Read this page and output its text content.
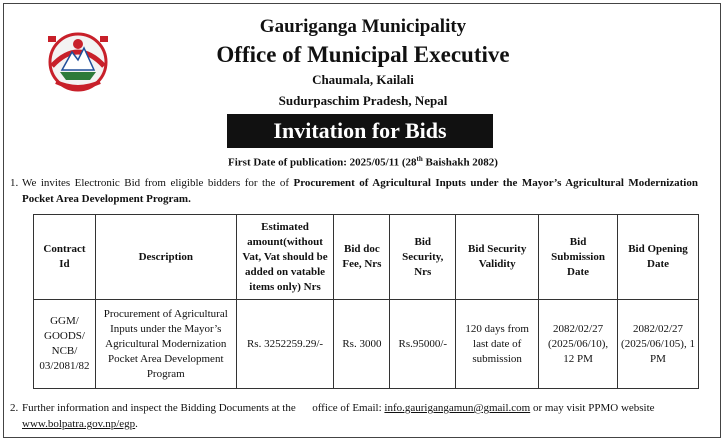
Gauriganga Municipality
Office of Municipal Executive
Chaumala, Kailali
Sudurpaschim Pradesh, Nepal
Invitation for Bids
First Date of publication: 2025/05/11 (28th Baishakh 2082)
1. We invites Electronic Bid from eligible bidders for the of Procurement of Agricultural Inputs under the Mayor’s Agricultural Modernization Pocket Area Development Program.
Contract Id	Description	Estimated amount(without Vat, Vat should be added on vatable items only) Nrs	Bid doc Fee, Nrs	Bid Security, Nrs	Bid Security Validity	Bid Submission Date	Bid Opening Date
GGM/ GOODS/ NCB/ 03/2081/82	Procurement of Agricultural Inputs under the Mayor’s Agricultural Modernization Pocket Area Development Program	Rs. 3252259.29/-	Rs. 3000	Rs.95000/-	120 days from last date of submission	2082/02/27 (2025/06/10), 12 PM	2082/02/27 (2025/06/105), 1 PM
2. Further information and inspect the Bidding Documents at the      office of Email: info.gaurigangamun@gmail.com or may visit PPMO website www.bolpatra.gov.np/egp.
